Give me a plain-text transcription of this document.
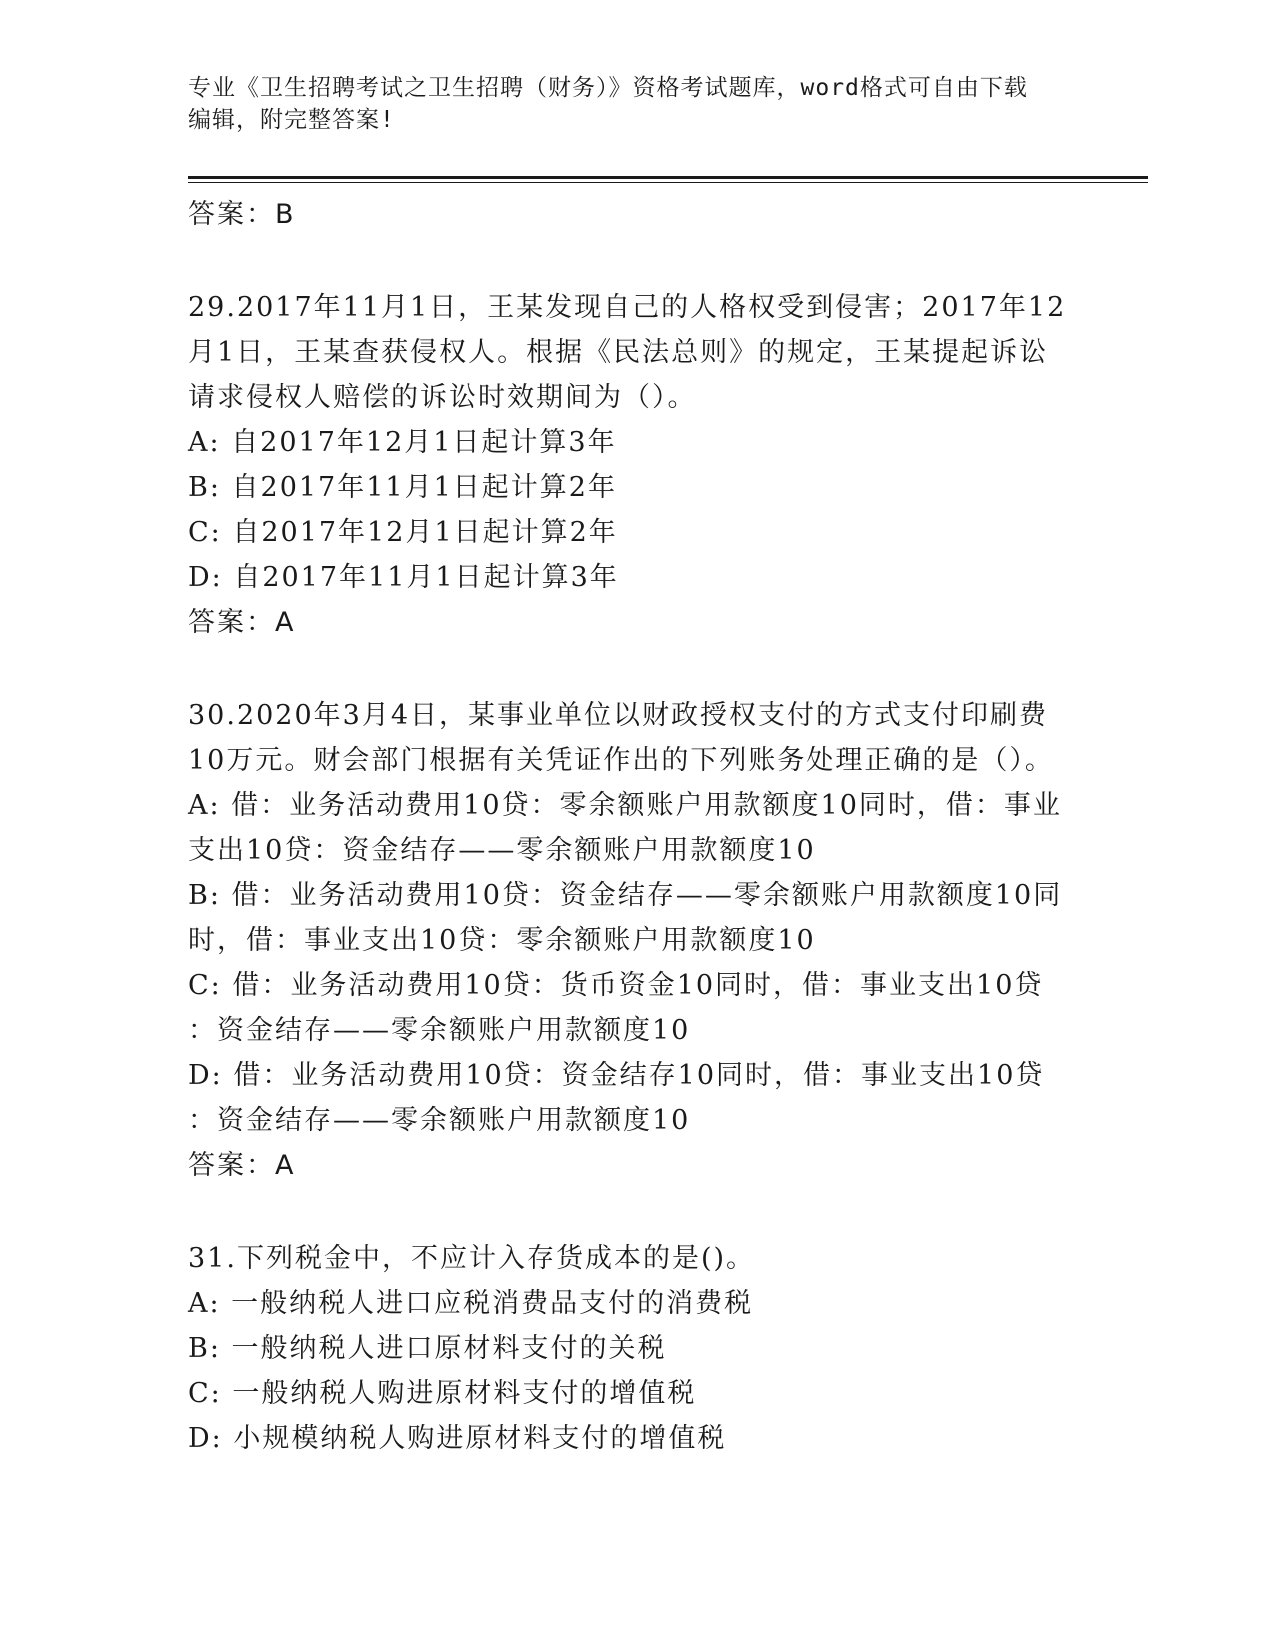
专业《卫生招聘考试之卫生招聘（财务）》资格考试题库，word格式可自由下载
编辑，附完整答案!

答案：B

29.2017年11月1日，王某发现自己的人格权受到侵害；2017年12

月1日，王某查获侵权人。根据《民法总则》的规定，王某提起诉讼

请求侵权人赔偿的诉讼时效期间为（）。

A: 自2017年12月1日起计算3年

B: 自2017年11月1日起计算2年

C: 自2017年12月1日起计算2年

D: 自2017年11月1日起计算3年

答案：A

30.2020年3月4日，某事业单位以财政授权支付的方式支付印刷费

10万元。财会部门根据有关凭证作出的下列账务处理正确的是（）。

A: 借：业务活动费用10贷：零余额账户用款额度10同时，借：事业

支出10贷：资金结存——零余额账户用款额度10

B: 借：业务活动费用10贷：资金结存——零余额账户用款额度10同

时，借：事业支出10贷：零余额账户用款额度10

C: 借：业务活动费用10贷：货币资金10同时，借：事业支出10贷

：资金结存——零余额账户用款额度10

D: 借：业务活动费用10贷：资金结存10同时，借：事业支出10贷

：资金结存——零余额账户用款额度10

答案：A

31.下列税金中，不应计入存货成本的是()。

A: 一般纳税人进口应税消费品支付的消费税

B: 一般纳税人进口原材料支付的关税

C: 一般纳税人购进原材料支付的增值税

D: 小规模纳税人购进原材料支付的增值税
